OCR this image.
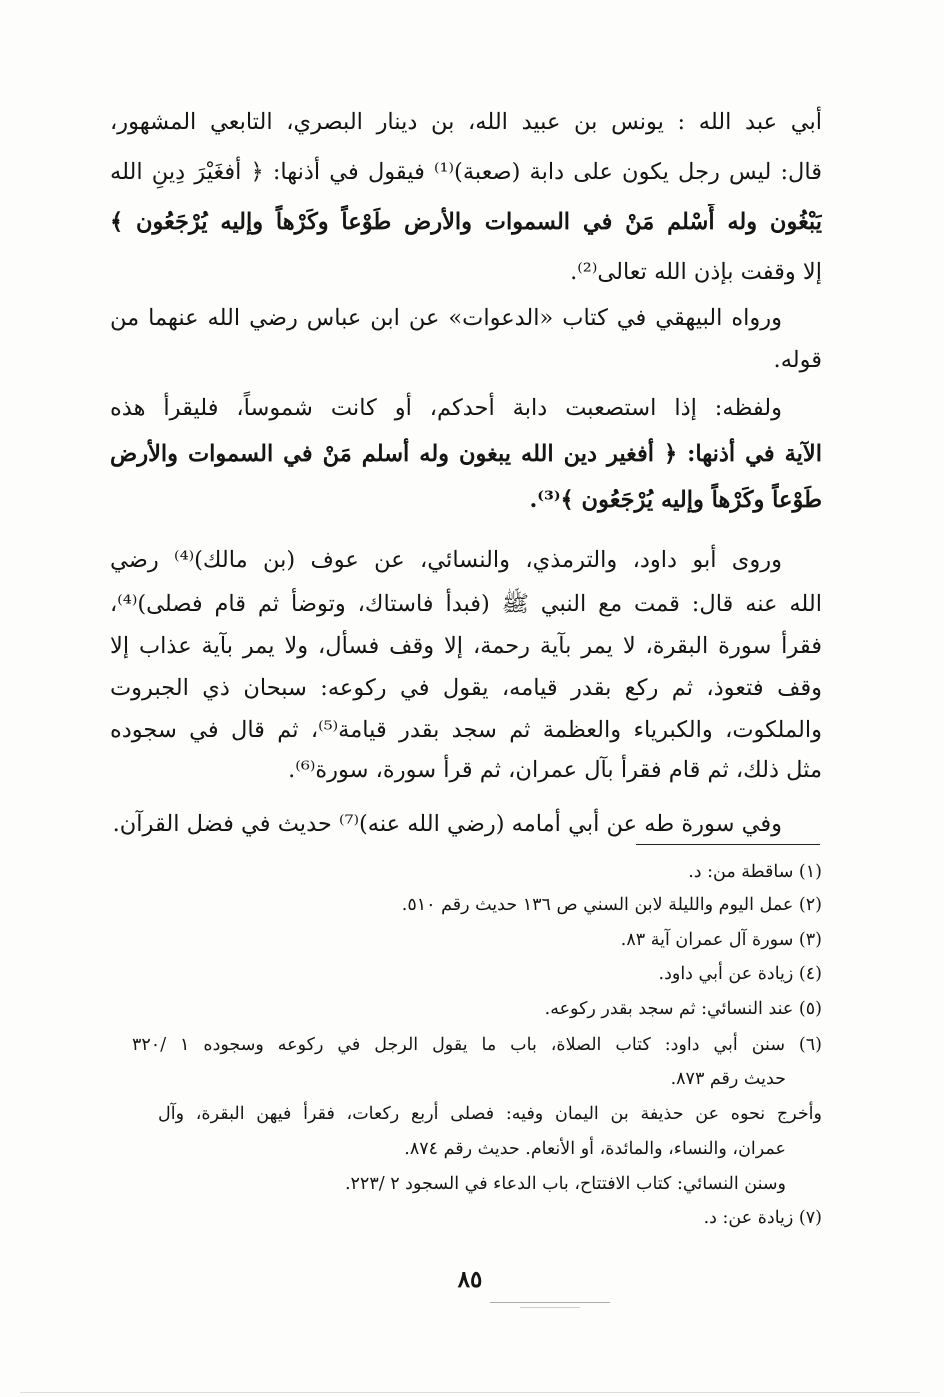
أبي عبد الله : يونس بن عبيد الله، بن دينار البصري، التابعي المشهور،
قال: ليس رجل يكون على دابة (صعبة)⁽¹⁾ فيقول في أذنها: ﴿ أفغَيْرَ دِينِ الله
يَبْغُون وله أَسْلم مَنْ في السموات والأرض طَوْعاً وكَرْهاً وإليه يُرْجَعُون ﴾
إلا وقفت بإذن الله تعالى⁽²⁾.
ورواه البيهقي في كتاب «الدعوات» عن ابن عباس رضي الله عنهما من
قوله.
ولفظه: إذا استصعبت دابة أحدكم، أو كانت شموساً، فليقرأ هذه
الآية في أذنها: ﴿ أفغير دين الله يبغون وله أسلم مَنْ في السموات والأرض
طَوْعاً وكَرْهاً وإليه يُرْجَعُون ﴾⁽³⁾.
وروى أبو داود، والترمذي، والنسائي، عن عوف (بن مالك)⁽⁴⁾ رضي
الله عنه قال: قمت مع النبي ﷺ (فبدأ فاستاك، وتوضأ ثم قام فصلى)⁽⁴⁾،
فقرأ سورة البقرة، لا يمر بآية رحمة، إلا وقف فسأل، ولا يمر بآية عذاب إلا
وقف فتعوذ، ثم ركع بقدر قيامه، يقول في ركوعه: سبحان ذي الجبروت
والملكوت، والكبرياء والعظمة ثم سجد بقدر قيامة⁽⁵⁾، ثم قال في سجوده
مثل ذلك، ثم قام فقرأ بآل عمران، ثم قرأ سورة، سورة⁽⁶⁾.
وفي سورة طه عن أبي أمامه (رضي الله عنه)⁽⁷⁾ حديث في فضل القرآن.
(١) ساقطة من: د.
(٢) عمل اليوم والليلة لابن السني ص ١٣٦ حديث رقم ٥١٠.
(٣) سورة آل عمران آية ٨٣.
(٤) زيادة عن أبي داود.
(٥) عند النسائي: ثم سجد بقدر ركوعه.
(٦) سنن أبي داود: كتاب الصلاة، باب ما يقول الرجل في ركوعه وسجوده ١ /٣٢٠
حديث رقم ٨٧٣.
وأخرج نحوه عن حذيفة بن اليمان وفيه: فصلى أربع ركعات، فقرأ فيهن البقرة، وآل
عمران، والنساء، والمائدة، أو الأنعام. حديث رقم ٨٧٤.
وسنن النسائي: كتاب الافتتاح، باب الدعاء في السجود ٢ /٢٢٣.
(٧) زيادة عن: د.
٨٥
